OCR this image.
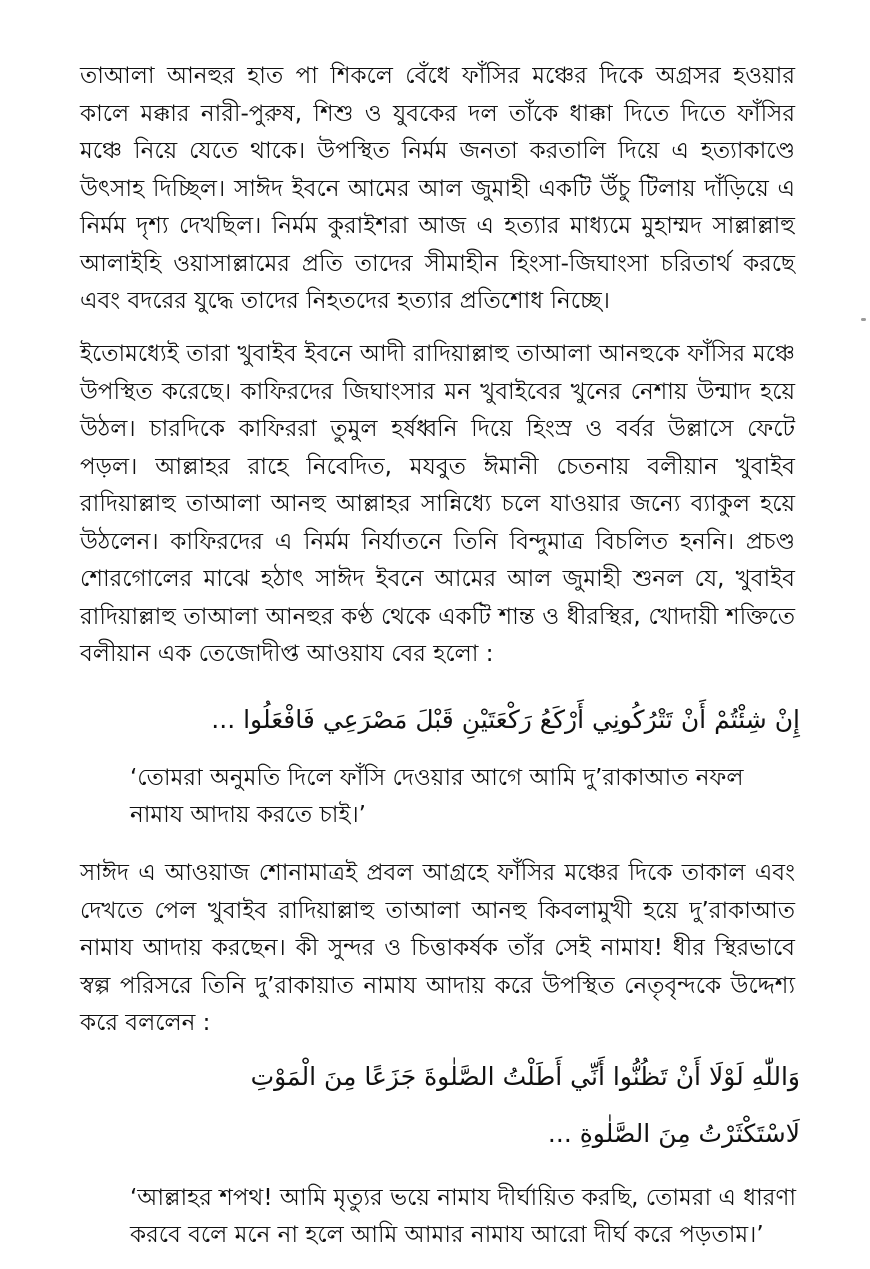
তাআলা আনহুর হাত পা শিকলে বেঁধে ফাঁসির মঞ্চের দিকে অগ্রসর হওয়ার কালে মক্কার নারী-পুরুষ, শিশু ও যুবকের দল তাঁকে ধাক্কা দিতে দিতে ফাঁসির মঞ্চে নিয়ে যেতে থাকে। উপস্থিত নির্মম জনতা করতালি দিয়ে এ হত্যাকাণ্ডে উৎসাহ দিচ্ছিল। সাঈদ ইবনে আমের আল জুমাহী একটি উঁচু টিলায় দাঁড়িয়ে এ নির্মম দৃশ্য দেখছিল। নির্মম কুরাইশরা আজ এ হত্যার মাধ্যমে মুহাম্মদ সাল্লাল্লাহু আলাইহি ওয়াসাল্লামের প্রতি তাদের সীমাহীন হিংসা-জিঘাংসা চরিতার্থ করছে এবং বদরের যুদ্ধে তাদের নিহতদের হত্যার প্রতিশোধ নিচ্ছে।

ইতোমধ্যেই তারা খুবাইব ইবনে আদী রাদিয়াল্লাহু তাআলা আনহুকে ফাঁসির মঞ্চে উপস্থিত করেছে। কাফিরদের জিঘাংসার মন খুবাইবের খুনের নেশায় উন্মাদ হয়ে উঠল। চারদিকে কাফিররা তুমুল হর্ষধ্বনি দিয়ে হিংস্র ও বর্বর উল্লাসে ফেটে পড়ল। আল্লাহর রাহে নিবেদিত, মযবুত ঈমানী চেতনায় বলীয়ান খুবাইব রাদিয়াল্লাহু তাআলা আনহু আল্লাহর সান্নিধ্যে চলে যাওয়ার জন্যে ব্যাকুল হয়ে উঠলেন। কাফিরদের এ নির্মম নির্যাতনে তিনি বিন্দুমাত্র বিচলিত হননি। প্রচণ্ড শোরগোলের মাঝে হঠাৎ সাঈদ ইবনে আমের আল জুমাহী শুনল যে, খুবাইব রাদিয়াল্লাহু তাআলা আনহুর কণ্ঠ থেকে একটি শান্ত ও ধীরস্থির, খোদায়ী শক্তিতে বলীয়ান এক তেজোদীপ্ত আওয়ায বের হলো :

إِنْ شِئْتُمْ أَنْ تَتْرُكُونِي أَرْكَعُ رَكْعَتَيْنِ قَبْلَ مَصْرَعِي فَافْعَلُوا ...

‘তোমরা অনুমতি দিলে ফাঁসি দেওয়ার আগে আমি দু’রাকাআত নফল নামায আদায় করতে চাই।’

সাঈদ এ আওয়াজ শোনামাত্রই প্রবল আগ্রহে ফাঁসির মঞ্চের দিকে তাকাল এবং দেখতে পেল খুবাইব রাদিয়াল্লাহু তাআলা আনহু কিবলামুখী হয়ে দু’রাকাআত নামায আদায় করছেন। কী সুন্দর ও চিত্তাকর্ষক তাঁর সেই নামায! ধীর স্থিরভাবে স্বল্প পরিসরে তিনি দু’রাকায়াত নামায আদায় করে উপস্থিত নেতৃবৃন্দকে উদ্দেশ্য করে বললেন :

وَاللّٰهِ لَوْلَا أَنْ تَظُنُّوا أَنِّي أَطَلْتُ الصَّلٰوةَ جَزَعًا مِنَ الْمَوْتِ

لَاسْتَكْثَرْتُ مِنَ الصَّلٰوةِ ...

‘আল্লাহর শপথ! আমি মৃত্যুর ভয়ে নামায দীর্ঘায়িত করছি, তোমরা এ ধারণা করবে বলে মনে না হলে আমি আমার নামায আরো দীর্ঘ করে পড়তাম।’
